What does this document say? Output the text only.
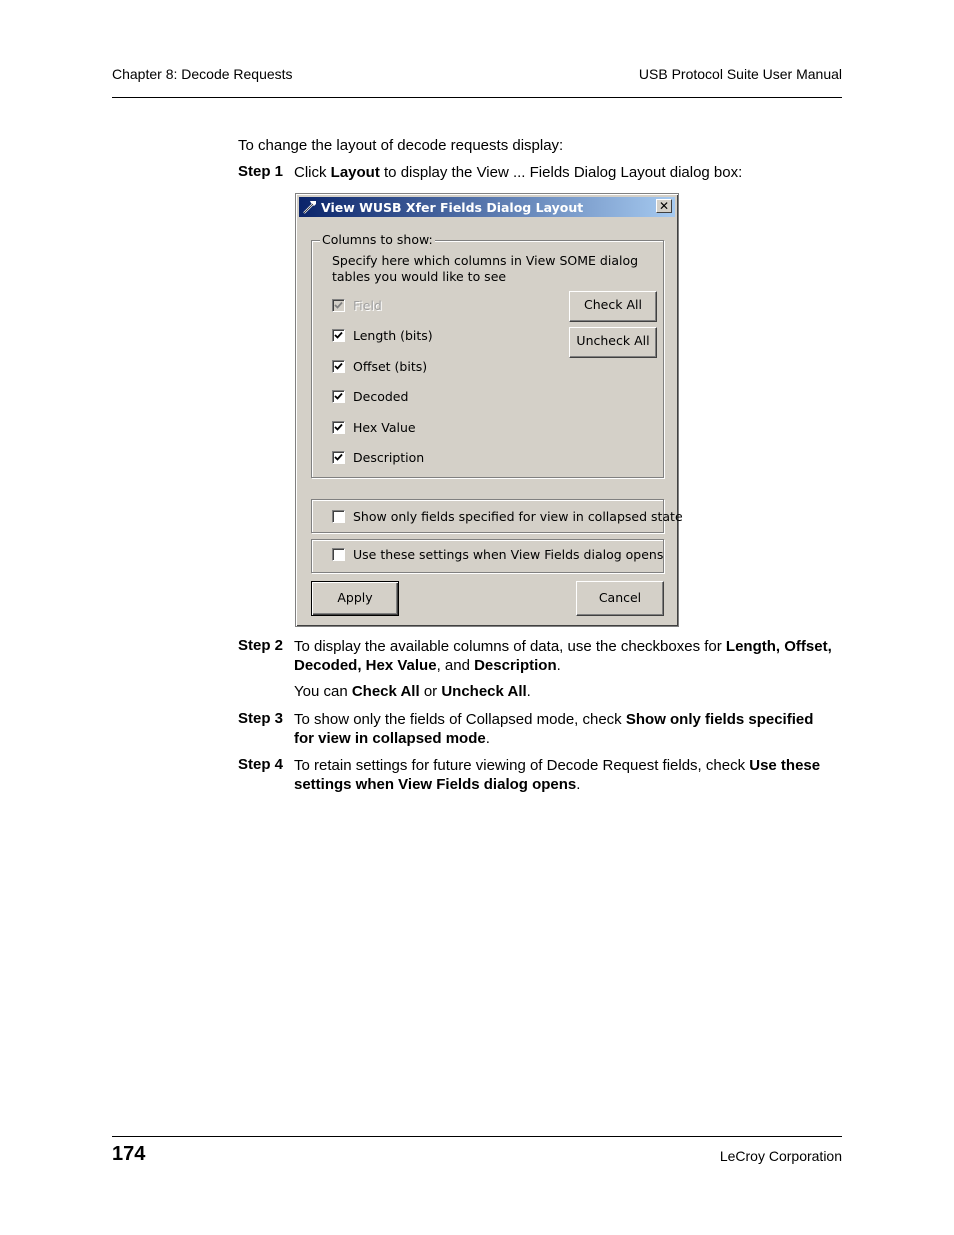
Chapter 8: Decode Requests	USB Protocol Suite User Manual
To change the layout of decode requests display:
Step 1 Click Layout to display the View ... Fields Dialog Layout dialog box:
View WUSB Xfer Fields Dialog Layout	✕
Columns to show:
Specify here which columns in View SOME dialog
tables you would like to see
Field
Length (bits)
Offset (bits)
Decoded
Hex Value
Description
Check All
Uncheck All
Show only fields specified for view in collapsed state
Use these settings when View Fields dialog opens
Apply	Cancel
Step 2 To display the available columns of data, use the checkboxes for Length, Offset,
Decoded, Hex Value, and Description.
You can Check All or Uncheck All.
Step 3 To show only the fields of Collapsed mode, check Show only fields specified
for view in collapsed mode.
Step 4 To retain settings for future viewing of Decode Request fields, check Use these
settings when View Fields dialog opens.
174	LeCroy Corporation
